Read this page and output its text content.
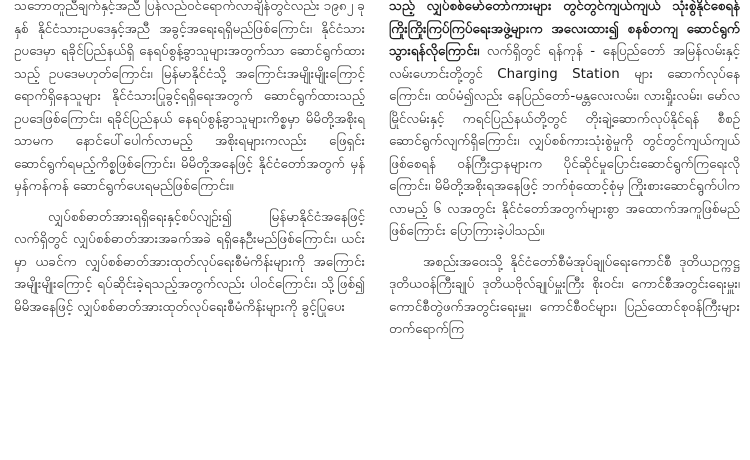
သဘောတူညီချက်နှင့်အညီ ပြန်လည်ဝင်ရောက်လာချိန်တွင်လည်း ၁၉၈၂ ခုနှစ် နိုင်ငံသားဥပဒေနှင့်အညီ အခွင့်အရေးရရှိမည်ဖြစ်ကြောင်း၊ နိုင်ငံသားဥပဒေမှာ ရခိုင်ပြည်နယ်ရှိ နေရပ်စွန့်ခွာသူများအတွက်သာ ဆောင်ရွက်ထားသည့် ဥပဒေမဟုတ်ကြောင်း၊ မြန်မာနိုင်ငံသို့ အကြောင်းအမျိုးမျိုးကြောင့် ရောက်ရှိနေသူများ နိုင်ငံသားပြုခွင့်ရရှိရေးအတွက် ဆောင်ရွက်ထားသည့်ဥပဒေဖြစ်ကြောင်း၊ ရခိုင်ပြည်နယ် နေရပ်စွန့်ခွာသူများကိစ္စမှာ မိမိတို့အစိုးရသာမက နောင်ပေါ်ပေါက်လာမည့် အစိုးရများကလည်း ဖြေရှင်း ဆောင်ရွက်ရမည့်ကိစ္စဖြစ်ကြောင်း၊ မိမိတို့အနေဖြင့် နိုင်ငံတော်အတွက် မှန်မှန်ကန်ကန် ဆောင်ရွက်ပေးရမည်ဖြစ်ကြောင်း။

လျှပ်စစ်ဓာတ်အားရရှိရေးနှင့်စပ်လျဉ်း၍ မြန်မာနိုင်ငံအနေဖြင့် လက်ရှိတွင် လျှပ်စစ်ဓာတ်အားအခက်အခဲ ရရှိနေဦးမည်ဖြစ်ကြောင်း၊ ယင်းမှာ ယခင်က လျှပ်စစ်ဓာတ်အားထုတ်လုပ်ရေးစီမံကိန်းများကို အကြောင်းအမျိုးမျိုးကြောင့် ရပ်ဆိုင်းခဲ့ရသည့်အတွက်လည်း ပါဝင်ကြောင်း၊ သို့ဖြစ်၍ မိမိအနေဖြင့် လျှပ်စစ်ဓာတ်အားထုတ်လုပ်ရေးစီမံကိန်းများကို ခွင့်ပြုပေး

သည့် လျှပ်စစ်မော်တော်ကားများ တွင်တွင်ကျယ်ကျယ် သုံးစွဲနိုင်စေရန် ကြိုးကြိုးကြပ်ကြပ်ရေးအဖွဲ့များက အလေးထား၍ စနစ်တကျ ဆောင်ရွက်သွားရန်လိုကြောင်း၊ လက်ရှိတွင် ရန်ကုန် - နေပြည်တော် အမြန်လမ်းနှင့် လမ်းဟောင်းတို့တွင် Charging Station များ ဆောက်လုပ်နေကြောင်း၊ ထပ်မံ၍လည်း နေပြည်တော်-မန္တလေးလမ်း၊ လားရှိုးလမ်း၊ မော်လမြိုင်လမ်းနှင့် ကရင်ပြည်နယ်တို့တွင် တိုးချဲ့ဆောက်လုပ်နိုင်ရန် စီစဉ်ဆောင်ရွက်လျက်ရှိကြောင်း၊ လျှပ်စစ်ကားသုံးစွဲမှုကို တွင်တွင်ကျယ်ကျယ်ဖြစ်စေရန် ဝန်ကြီးဌာနများက ပိုင်ဆိုင်မှုပြောင်းဆောင်ရွက်ကြရေးလိုကြောင်း၊ မိမိတို့အစိုးရအနေဖြင့် ဘက်စုံထောင့်စုံမှ ကြိုးစားဆောင်ရွက်ပါက လာမည့် ၆ လအတွင်း နိုင်ငံတော်အတွက်များစွာ အထောက်အကူဖြစ်မည်ဖြစ်ကြောင်း ပြောကြားခဲ့ပါသည်။

အစည်းအဝေးသို့ နိုင်ငံတော်စီမံအုပ်ချုပ်ရေးကောင်စီ ဒုတိယဥက္ကဋ္ဌ ဒုတိယဝန်ကြီးချုပ် ဒုတိယဗိုလ်ချုပ်မှူးကြီး စိုးဝင်း၊ ကောင်စီအတွင်းရေးမှူး၊ ကောင်စီတွဲဖက်အတွင်းရေးမှူး၊ ကောင်စီဝင်များ၊ ပြည်ထောင်စုဝန်ကြီးများ တက်ရောက်ကြ
